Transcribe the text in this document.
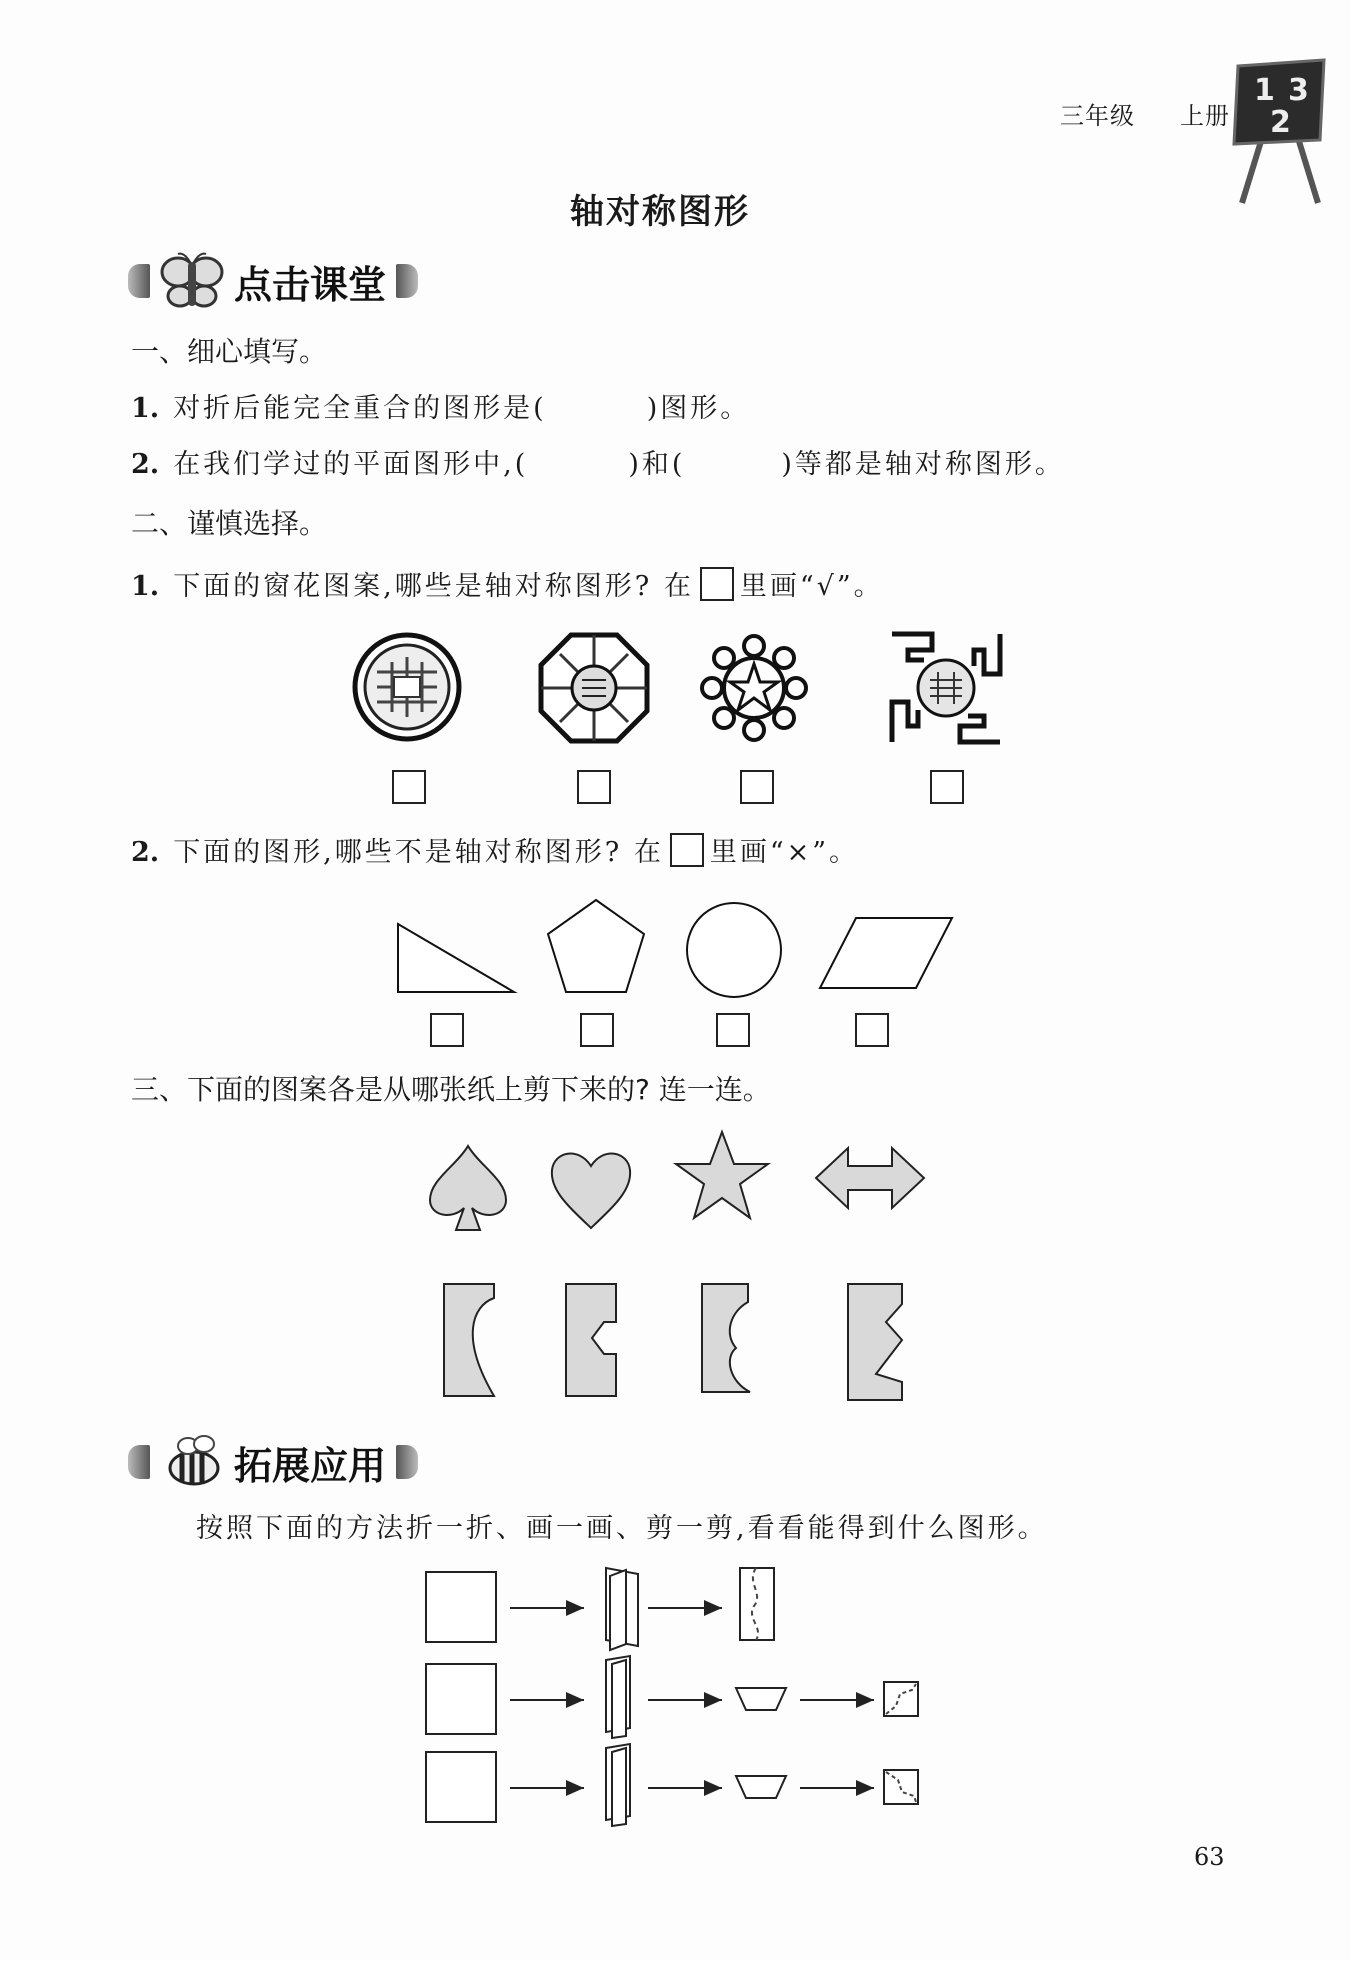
三年级 上册
1 3
2
轴对称图形
点击课堂
一、细心填写。
1. 对折后能完全重合的图形是(	)图形。
2. 在我们学过的平面图形中,(	)和(	)等都是轴对称图形。
二、谨慎选择。
1. 下面的窗花图案,哪些是轴对称图形? 在 里画“√”。
2. 下面的图形,哪些不是轴对称图形? 在 里画“×”。
三、下面的图案各是从哪张纸上剪下来的? 连一连。
拓展应用
按照下面的方法折一折、画一画、剪一剪,看看能得到什么图形。
63
